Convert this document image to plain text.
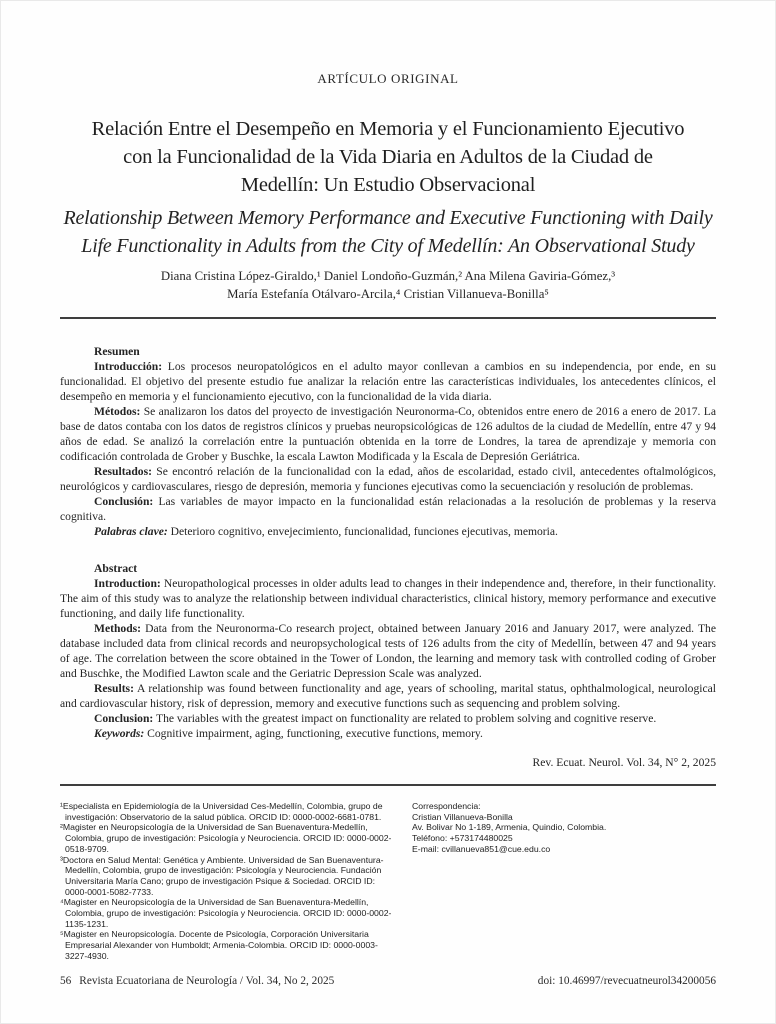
ARTÍCULO ORIGINAL
Relación Entre el Desempeño en Memoria y el Funcionamiento Ejecutivo
con la Funcionalidad de la Vida Diaria en Adultos de la Ciudad de
Medellín: Un Estudio Observacional
Relationship Between Memory Performance and Executive Functioning with Daily
Life Functionality in Adults from the City of Medellín: An Observational Study
Diana Cristina López-Giraldo,¹ Daniel Londoño-Guzmán,² Ana Milena Gaviria-Gómez,³
María Estefanía Otálvaro-Arcila,⁴ Cristian Villanueva-Bonilla⁵
Resumen

Introducción: Los procesos neuropatológicos en el adulto mayor conllevan a cambios en su independencia, por ende, en su funcionalidad. El objetivo del presente estudio fue analizar la relación entre las características individuales, los antecedentes clínicos, el desempeño en memoria y el funcionamiento ejecutivo, con la funcionalidad de la vida diaria.

Métodos: Se analizaron los datos del proyecto de investigación Neuronorma-Co, obtenidos entre enero de 2016 a enero de 2017. La base de datos contaba con los datos de registros clínicos y pruebas neuropsicológicas de 126 adultos de la ciudad de Medellín, entre 47 y 94 años de edad. Se analizó la correlación entre la puntuación obtenida en la torre de Londres, la tarea de aprendizaje y memoria con codificación controlada de Grober y Buschke, la escala Lawton Modificada y la Escala de Depresión Geriátrica.

Resultados: Se encontró relación de la funcionalidad con la edad, años de escolaridad, estado civil, antecedentes oftalmológicos, neurológicos y cardiovasculares, riesgo de depresión, memoria y funciones ejecutivas como la secuenciación y resolución de problemas.

Conclusión: Las variables de mayor impacto en la funcionalidad están relacionadas a la resolución de problemas y la reserva cognitiva.

Palabras clave: Deterioro cognitivo, envejecimiento, funcionalidad, funciones ejecutivas, memoria.

Abstract

Introduction: Neuropathological processes in older adults lead to changes in their independence and, therefore, in their functionality. The aim of this study was to analyze the relationship between individual characteristics, clinical history, memory performance and executive functioning, and daily life functionality.

Methods: Data from the Neuronorma-Co research project, obtained between January 2016 and January 2017, were analyzed. The database included data from clinical records and neuropsychological tests of 126 adults from the city of Medellín, between 47 and 94 years of age. The correlation between the score obtained in the Tower of London, the learning and memory task with controlled coding of Grober and Buschke, the Modified Lawton scale and the Geriatric Depression Scale was analyzed.

Results: A relationship was found between functionality and age, years of schooling, marital status, ophthalmological, neurological and cardiovascular history, risk of depression, memory and executive functions such as sequencing and problem solving.

Conclusion: The variables with the greatest impact on functionality are related to problem solving and cognitive reserve.

Keywords: Cognitive impairment, aging, functioning, executive functions, memory.

Rev. Ecuat. Neurol. Vol. 34, N° 2, 2025
¹Especialista en Epidemiología de la Universidad Ces-Medellín, Colombia, grupo de investigación: Observatorio de la salud pública. ORCID ID: 0000-0002-6681-0781.
²Magister en Neuropsicología de la Universidad de San Buenaventura-Medellín, Colombia, grupo de investigación: Psicología y Neurociencia. ORCID ID: 0000-0002-0518-9709.
³Doctora en Salud Mental: Genética y Ambiente. Universidad de San Buenaventura-Medellín, Colombia, grupo de investigación: Psicología y Neurociencia. Fundación Universitaria María Cano; grupo de investigación Psique & Sociedad. ORCID ID: 0000-0001-5082-7733.
⁴Magister en Neuropsicología de la Universidad de San Buenaventura-Medellín, Colombia, grupo de investigación: Psicología y Neurociencia. ORCID ID: 0000-0002-1135-1231.
⁵Magister en Neuropsicología. Docente de Psicología, Corporación Universitaria Empresarial Alexander von Humboldt; Armenia-Colombia. ORCID ID: 0000-0003-3227-4930.
Correspondencia:
Cristian Villanueva-Bonilla
Av. Bolivar No 1-189, Armenia, Quindio, Colombia.
Teléfono: +573174480025
E-mail: cvillanueva851@cue.edu.co
56 Revista Ecuatoriana de Neurología / Vol. 34, No 2, 2025	doi: 10.46997/revecuatneurol34200056
